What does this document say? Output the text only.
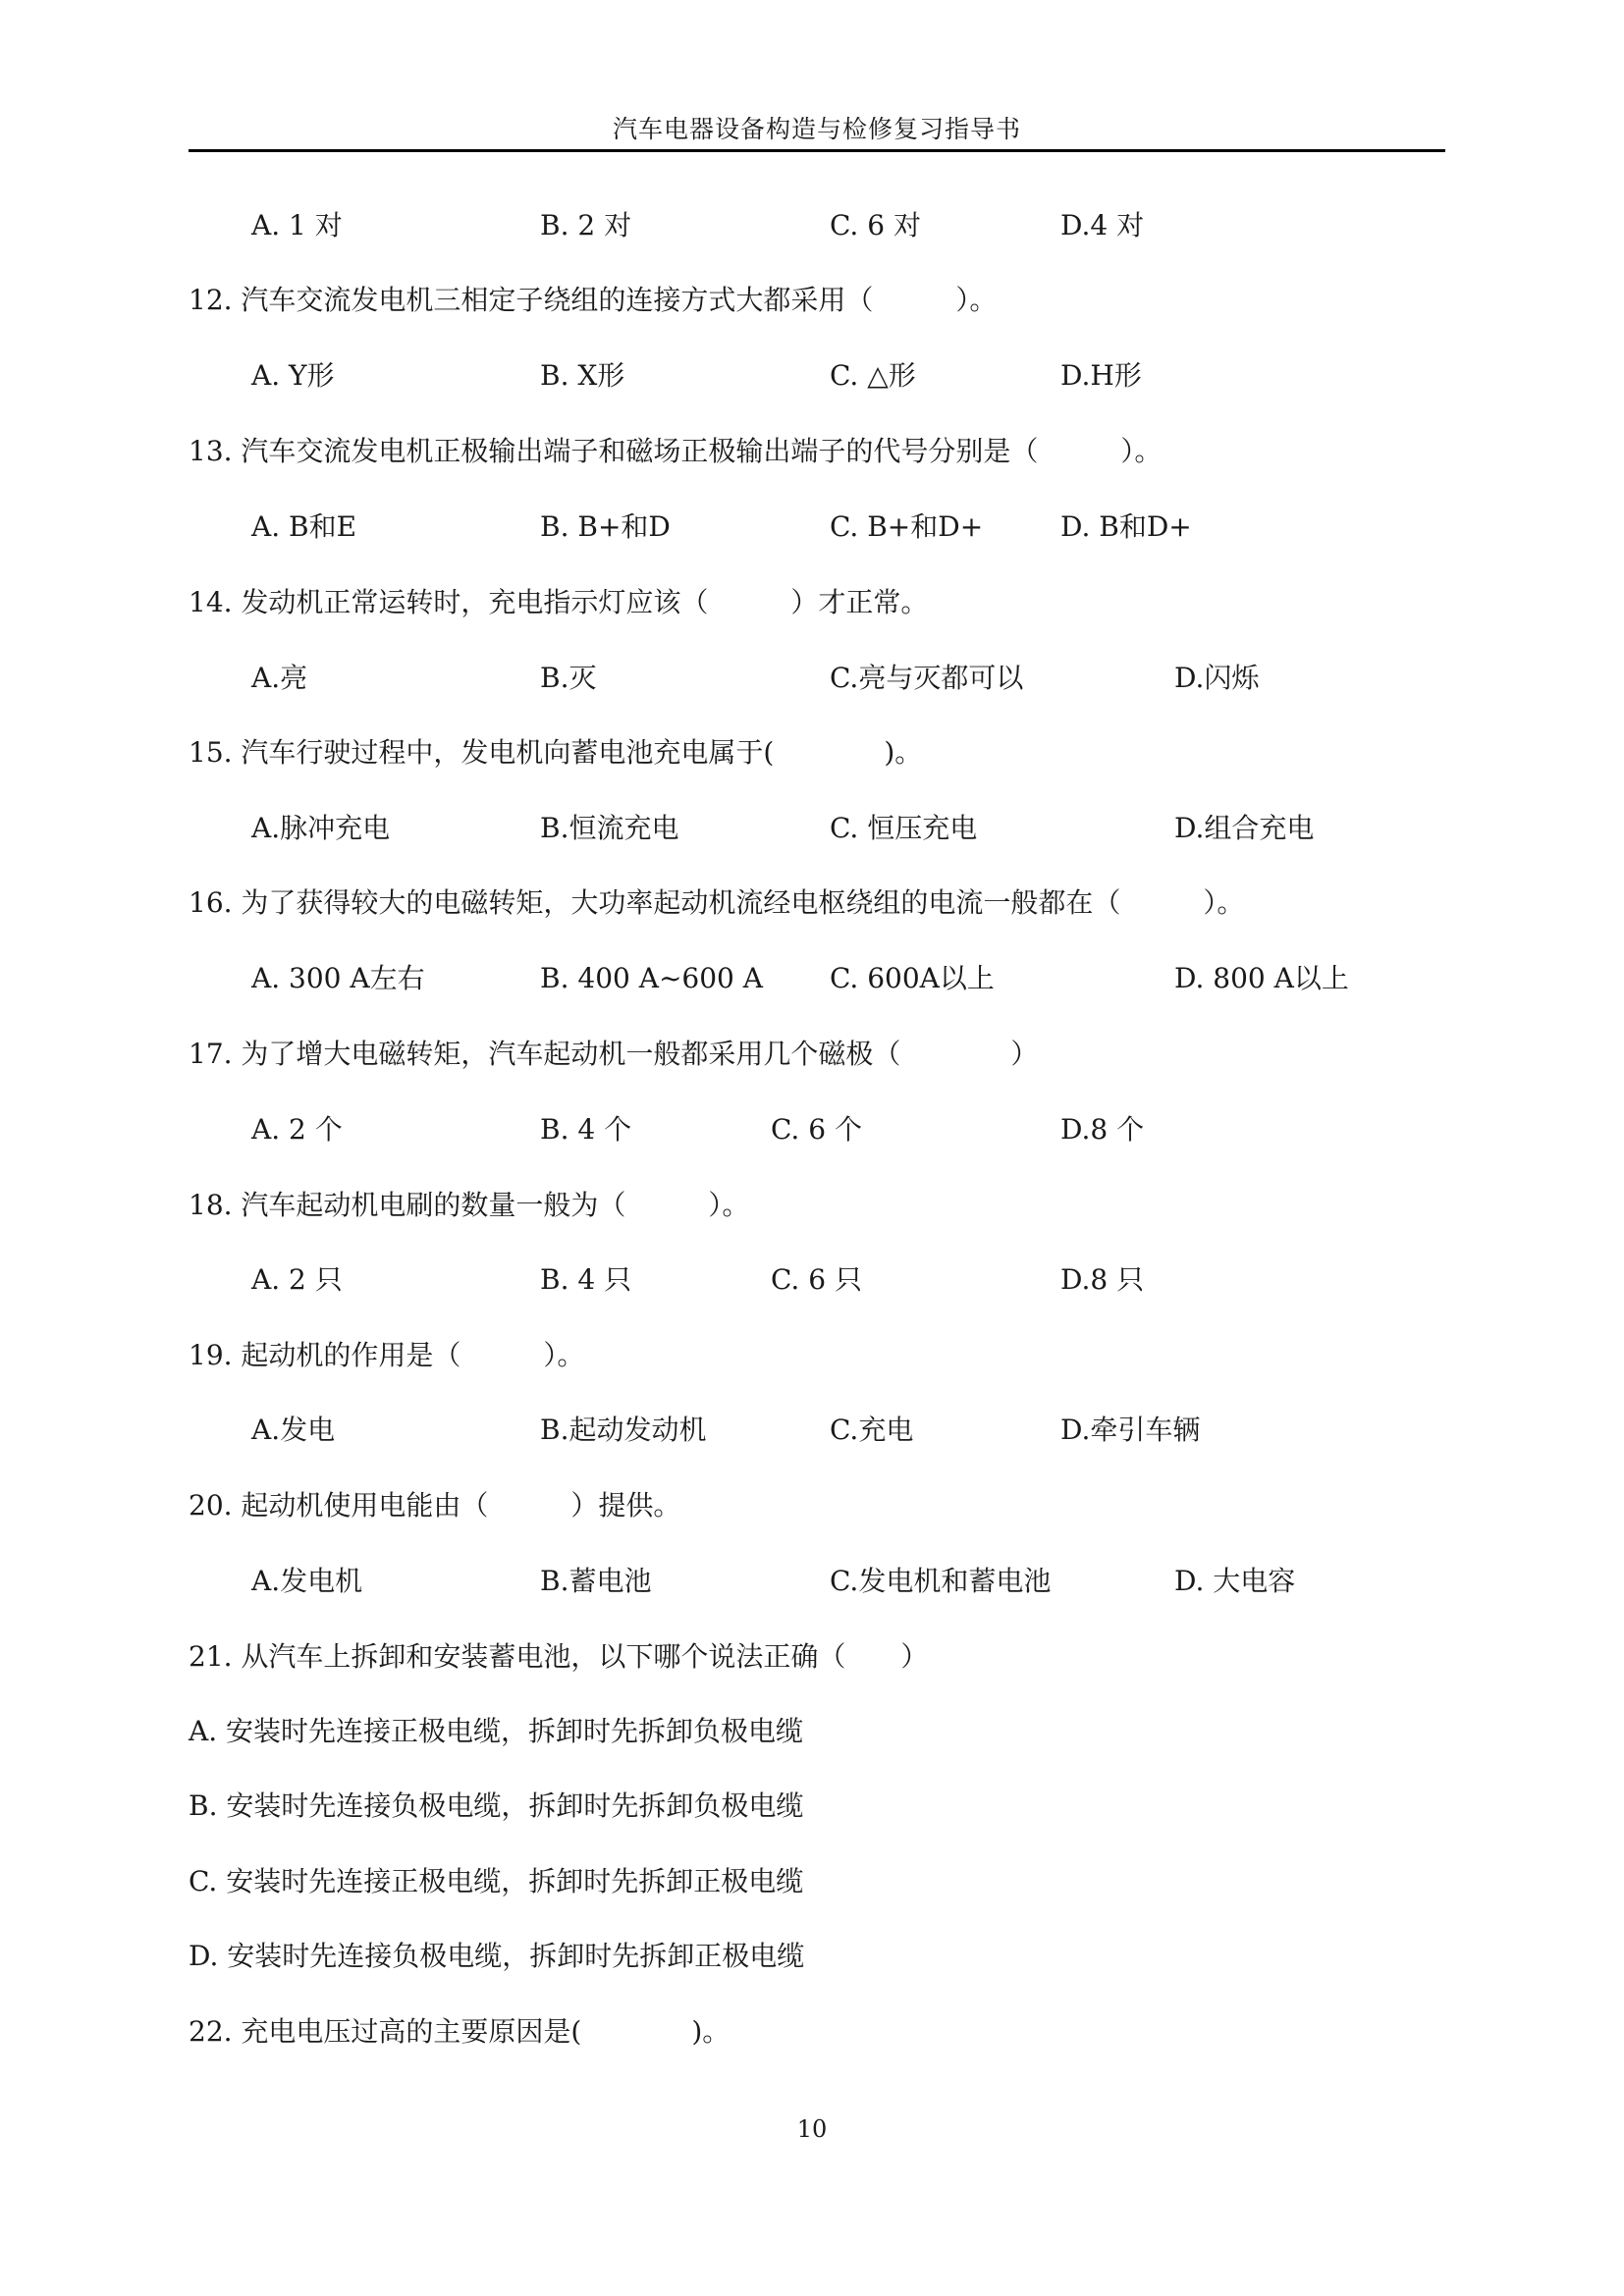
汽车电器设备构造与检修复习指导书
A. 1 对	B. 2 对	C. 6 对	D.4 对
12. 汽车交流发电机三相定子绕组的连接方式大都采用（　　　）。
A. Y形	B. X形	C. △形	D.H形
13. 汽车交流发电机正极输出端子和磁场正极输出端子的代号分别是（　　　）。
A. B和E	B. B+和D	C. B+和D+	D. B和D+
14. 发动机正常运转时，充电指示灯应该（　　　）才正常。
A.亮	B.灭	C.亮与灭都可以	D.闪烁
15. 汽车行驶过程中，发电机向蓄电池充电属于(　　　　)。
A.脉冲充电	B.恒流充电	C. 恒压充电	D.组合充电
16. 为了获得较大的电磁转矩，大功率起动机流经电枢绕组的电流一般都在（　　　）。
A. 300 A左右	B. 400 A~600 A C. 600A以上	D. 800 A以上
17. 为了增大电磁转矩，汽车起动机一般都采用几个磁极（　　　　）
A. 2 个	B. 4 个	C. 6 个	D.8 个
18. 汽车起动机电刷的数量一般为（　　　）。
A. 2 只	B. 4 只	C. 6 只	D.8 只
19. 起动机的作用是（　　　）。
A.发电	B.起动发动机	C.充电	D.牵引车辆
20. 起动机使用电能由（　　　）提供。
A.发电机	B.蓄电池	C.发电机和蓄电池	D. 大电容
21. 从汽车上拆卸和安装蓄电池，以下哪个说法正确（　　）
A. 安装时先连接正极电缆，拆卸时先拆卸负极电缆
B. 安装时先连接负极电缆，拆卸时先拆卸负极电缆
C. 安装时先连接正极电缆，拆卸时先拆卸正极电缆
D. 安装时先连接负极电缆，拆卸时先拆卸正极电缆
22. 充电电压过高的主要原因是(　　　　)。
10
